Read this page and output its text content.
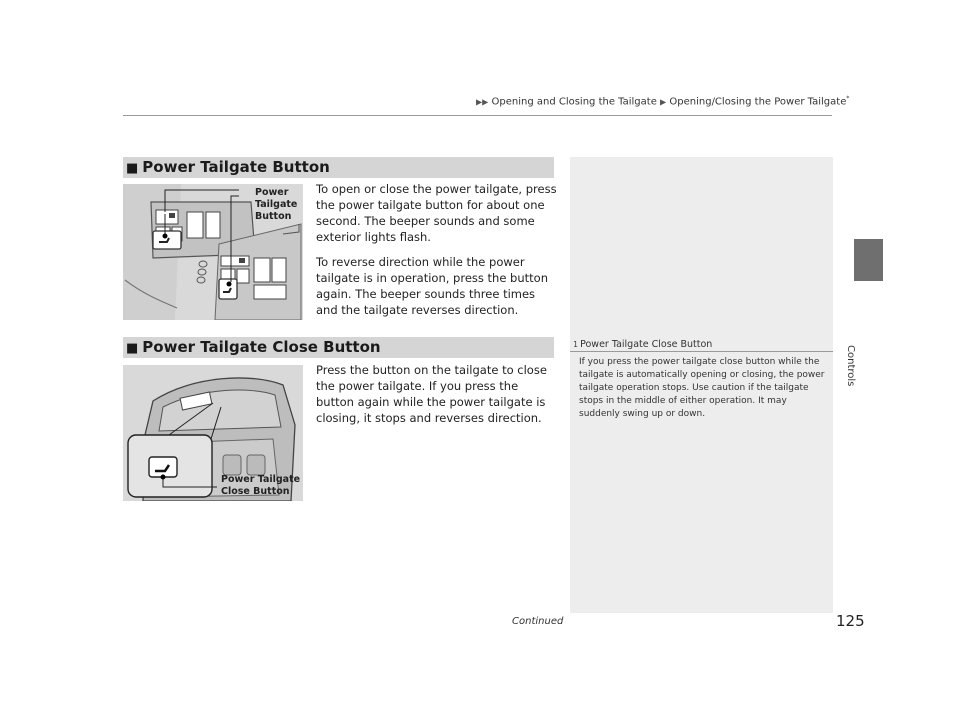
▶▶ Opening and Closing the Tailgate ▶ Opening/Closing the Power Tailgate*
Controls
■ Power Tailgate Button
Power
Tailgate
Button

To open or close the power tailgate, press the power tailgate button for about one second. The beeper sounds and some exterior lights flash.

To reverse direction while the power tailgate is in operation, press the button again. The beeper sounds three times and the tailgate reverses direction.

■ Power Tailgate Close Button
Power Tailgate
Close Button

Press the button on the tailgate to close the power tailgate. If you press the button again while the power tailgate is closing, it stops and reverses direction.

1 Power Tailgate Close Button
If you press the power tailgate close button while the tailgate is automatically opening or closing, the power tailgate operation stops. Use caution if the tailgate stops in the middle of either operation. It may suddenly swing up or down.
Continued	125
